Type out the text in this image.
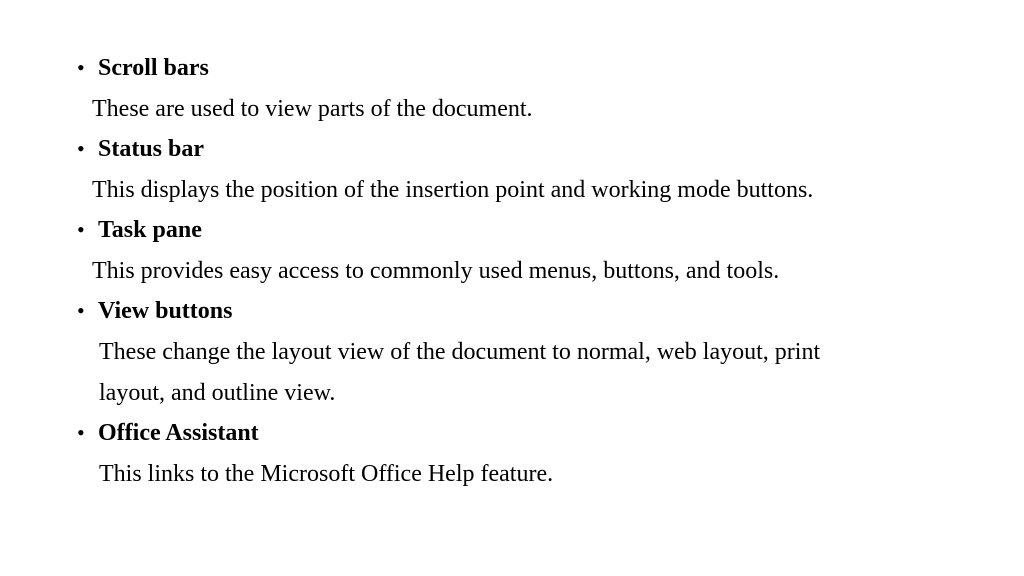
• Scroll bars
These are used to view parts of the document.
• Status bar
This displays the position of the insertion point and working mode buttons.
• Task pane
This provides easy access to commonly used menus, buttons, and tools.
• View buttons
These change the layout view of the document to normal, web layout, print
layout, and outline view.
• Office Assistant
This links to the Microsoft Office Help feature.
